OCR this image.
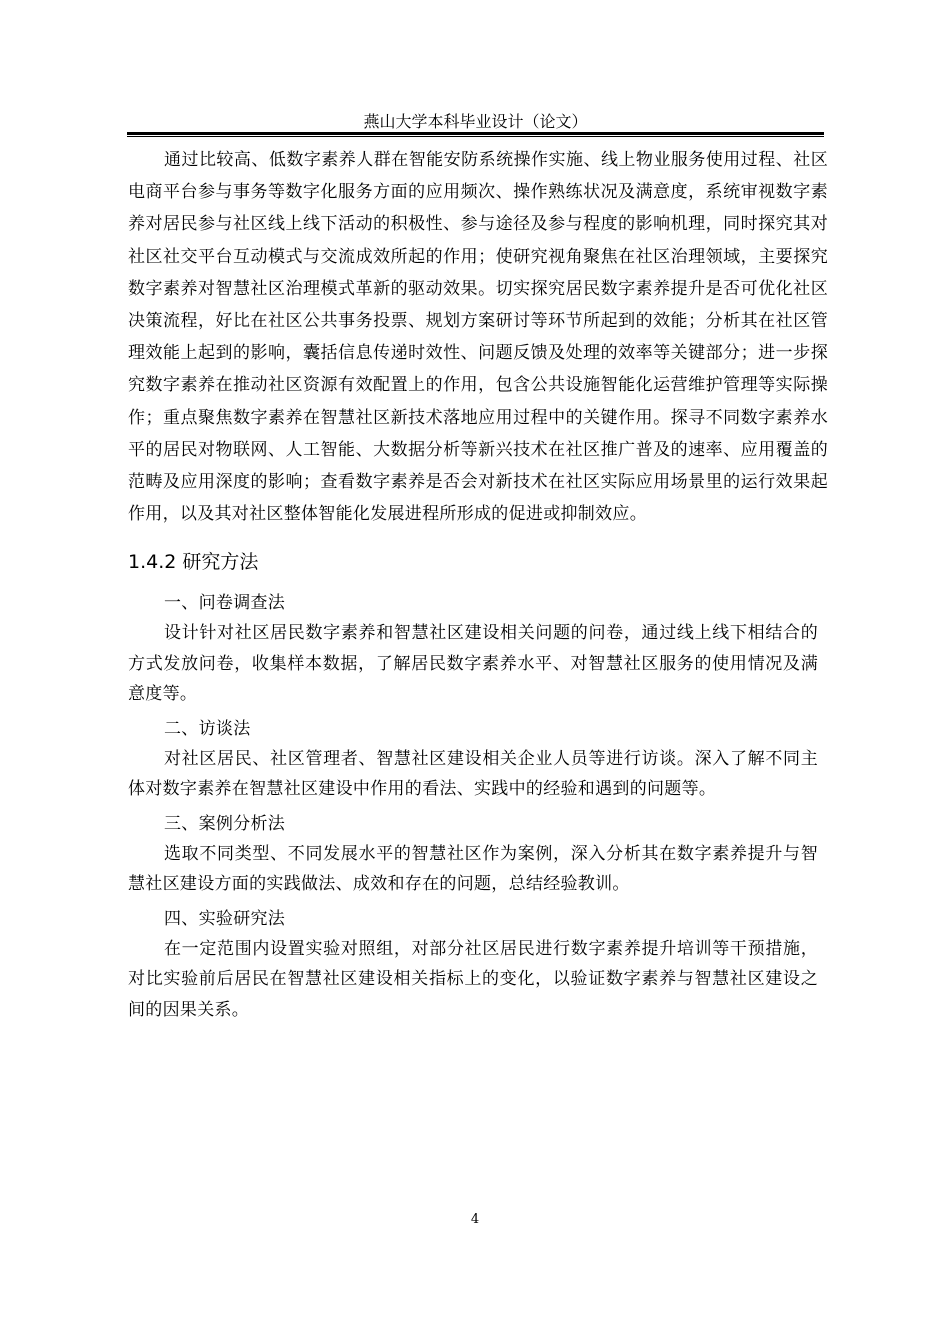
燕山大学本科毕业设计（论文）

通过比较高、低数字素养人群在智能安防系统操作实施、线上物业服务使用过程、社区电商平台参与事务等数字化服务方面的应用频次、操作熟练状况及满意度，系统审视数字素养对居民参与社区线上线下活动的积极性、参与途径及参与程度的影响机理，同时探究其对社区社交平台互动模式与交流成效所起的作用；使研究视角聚焦在社区治理领域，主要探究数字素养对智慧社区治理模式革新的驱动效果。切实探究居民数字素养提升是否可优化社区决策流程，好比在社区公共事务投票、规划方案研讨等环节所起到的效能；分析其在社区管理效能上起到的影响，囊括信息传递时效性、问题反馈及处理的效率等关键部分；进一步探究数字素养在推动社区资源有效配置上的作用，包含公共设施智能化运营维护管理等实际操作；重点聚焦数字素养在智慧社区新技术落地应用过程中的关键作用。探寻不同数字素养水平的居民对物联网、人工智能、大数据分析等新兴技术在社区推广普及的速率、应用覆盖的范畴及应用深度的影响；查看数字素养是否会对新技术在社区实际应用场景里的运行效果起作用，以及其对社区整体智能化发展进程所形成的促进或抑制效应。

1.4.2 研究方法

一、问卷调查法

设计针对社区居民数字素养和智慧社区建设相关问题的问卷，通过线上线下相结合的方式发放问卷，收集样本数据，了解居民数字素养水平、对智慧社区服务的使用情况及满意度等。

二、访谈法

对社区居民、社区管理者、智慧社区建设相关企业人员等进行访谈。深入了解不同主体对数字素养在智慧社区建设中作用的看法、实践中的经验和遇到的问题等。

三、案例分析法

选取不同类型、不同发展水平的智慧社区作为案例，深入分析其在数字素养提升与智慧社区建设方面的实践做法、成效和存在的问题，总结经验教训。

四、实验研究法

在一定范围内设置实验对照组，对部分社区居民进行数字素养提升培训等干预措施，对比实验前后居民在智慧社区建设相关指标上的变化，以验证数字素养与智慧社区建设之间的因果关系。

4
